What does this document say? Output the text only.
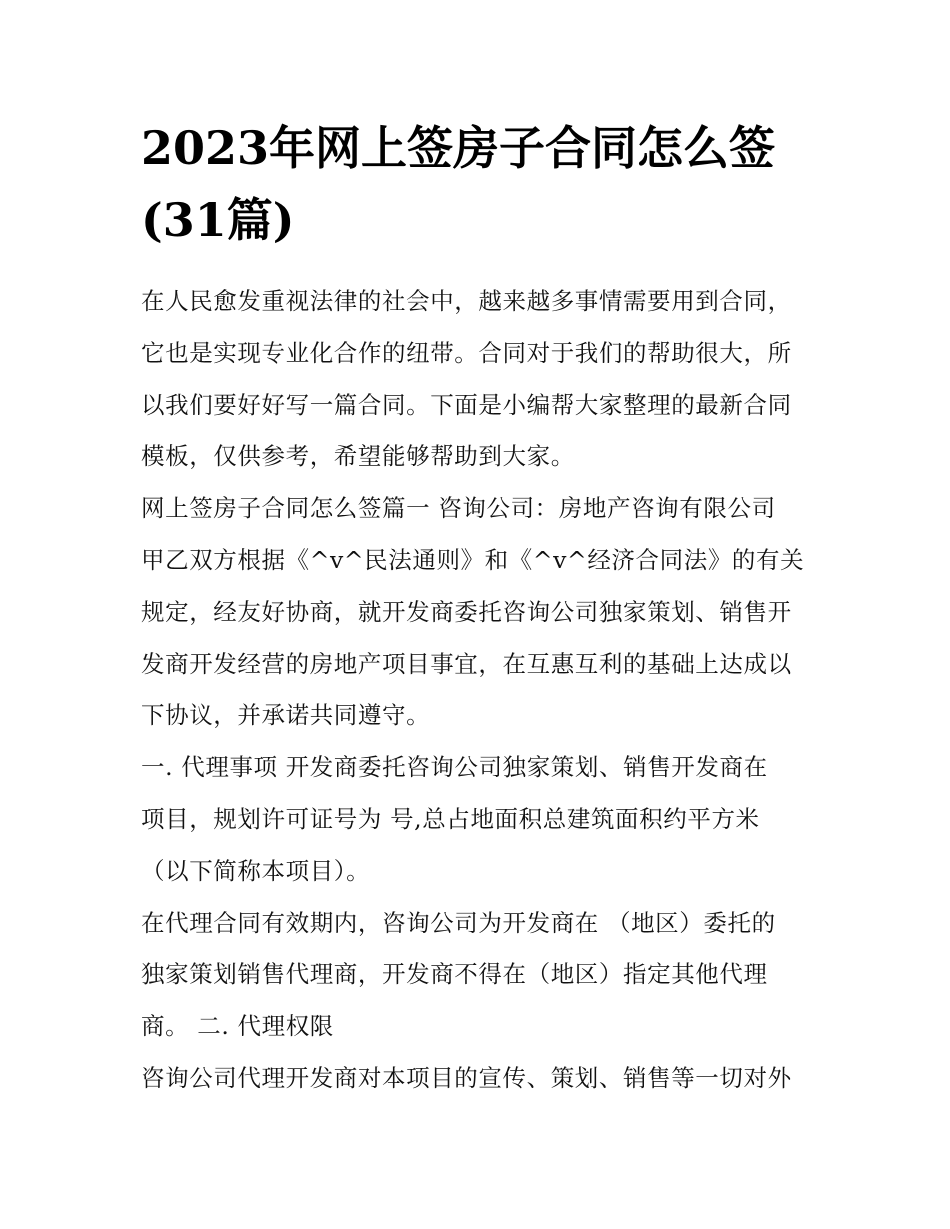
2023年网上签房子合同怎么签
(31篇)

在人民愈发重视法律的社会中，越来越多事情需要用到合同，
它也是实现专业化合作的纽带。合同对于我们的帮助很大，所
以我们要好好写一篇合同。下面是小编帮大家整理的最新合同
模板，仅供参考，希望能够帮助到大家。

网上签房子合同怎么签篇一 咨询公司：房地产咨询有限公司
甲乙双方根据《^v^民法通则》和《^v^经济合同法》的有关
规定，经友好协商，就开发商委托咨询公司独家策划、销售开
发商开发经营的房地产项目事宜，在互惠互利的基础上达成以
下协议，并承诺共同遵守。

一. 代理事项 开发商委托咨询公司独家策划、销售开发商在
项目，规划许可证号为 号,总占地面积总建筑面积约平方米
（以下简称本项目）。

在代理合同有效期内，咨询公司为开发商在 （地区）委托的
独家策划销售代理商，开发商不得在（地区）指定其他代理
商。 二. 代理权限

咨询公司代理开发商对本项目的宣传、策划、销售等一切对外
